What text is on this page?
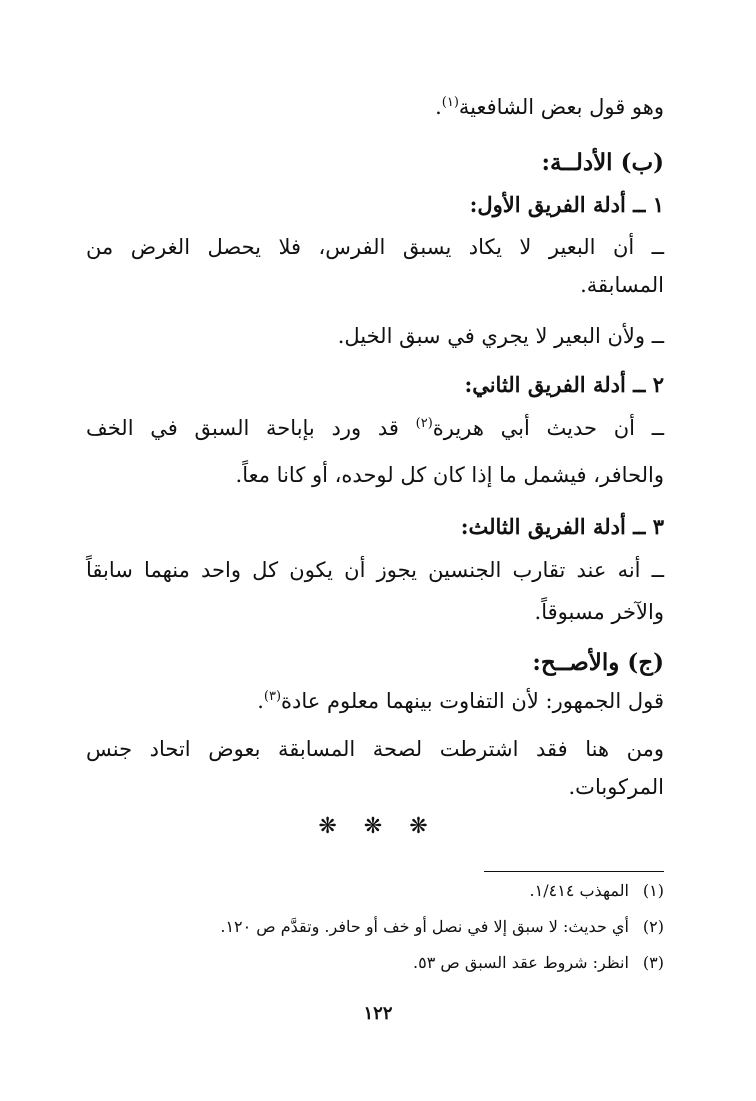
وهو قول بعض الشافعية$^{(١)}$.

(ب) الأدلــة:

١ ــ أدلة الفريق الأول:

ــ أن البعير لا يكاد يسبق الفرس، فلا يحصل الغرض من

المسابقة.

ــ ولأن البعير لا يجري في سبق الخيل.

٢ ــ أدلة الفريق الثاني:

ــ أن حديث أبي هريرة$^{(٢)}$ قد ورد بإباحة السبق في الخف

والحافر، فيشمل ما إذا كان كل لوحده، أو كانا معاً.

٣ ــ أدلة الفريق الثالث:

ــ أنه عند تقارب الجنسين يجوز أن يكون كل واحد منهما سابقاً

والآخر مسبوقاً.

(ج) والأصــح:

قول الجمهور: لأن التفاوت بينهما معلوم عادة$^{(٣)}$.

ومن هنا فقد اشترطت لصحة المسابقة بعوض اتحاد جنس

المركوبات.

❋ ❋ ❋
(١) المهذب ١/٤١٤.
(٢) أي حديث: لا سبق إلا في نصل أو خف أو حافر. وتقدَّم ص ١٢٠.
(٣) انظر: شروط عقد السبق ص ٥٣.
١٢٢
